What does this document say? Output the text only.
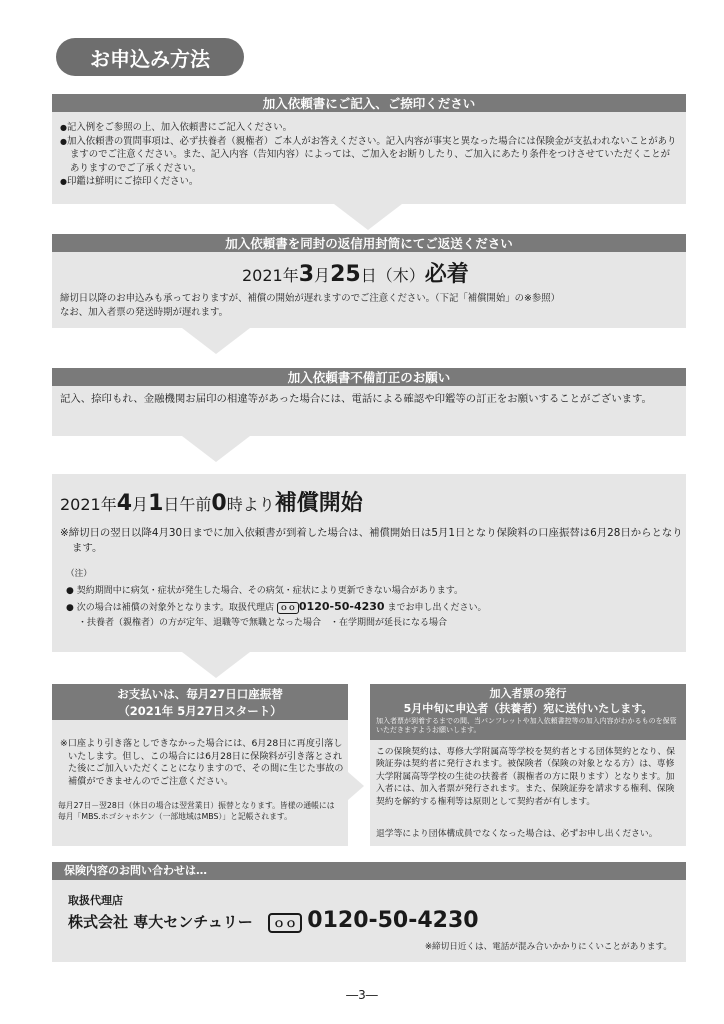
お申込み方法
加入依頼書にご記入、ご捺印ください
● 記入例をご参照の上、加入依頼書にご記入ください。
● 加入依頼書の質問事項は、必ず扶養者（親権者）ご本人がお答えください。記入内容が事実と異なった場合には保険金が支払われないことがありますのでご注意ください。また、記入内容（告知内容）によっては、ご加入をお断りしたり、ご加入にあたり条件をつけさせていただくことがありますのでご了承ください。
● 印鑑は鮮明にご捺印ください。
加入依頼書を同封の返信用封筒にてご返送ください
2021年3月25日（木）必着
締切日以降のお申込みも承っておりますが、補償の開始が遅れますのでご注意ください。（下記「補償開始」の※参照）
なお、加入者票の発送時期が遅れます。
加入依頼書不備訂正のお願い
記入、捺印もれ、金融機関お届印の相違等があった場合には、電話による確認や印鑑等の訂正をお願いすることがございます。
2021年4月1日午前0時より補償開始
※締切日の翌日以降4月30日までに加入依頼書が到着した場合は、補償開始日は5月1日となり保険料の口座振替は6月28日からとなります。
（注）
● 契約期間中に病気・症状が発生した場合、その病気・症状により更新できない場合があります。
● 次の場合は補償の対象外となります。取扱代理店 ｏｏ 0120-50-4230 までお申し出ください。
・扶養者（親権者）の方が定年、退職等で無職となった場合　 ・在学期間が延長になる場合
お支払いは、毎月27日口座振替
（2021年 5月27日スタート）
※口座より引き落としできなかった場合には、6月28日に再度引落しいたします。但し、この場合には6月28日に保険料が引き落とされた後にご加入いただくことになりますので、その間に生じた事故の補償ができませんのでご注意ください。
毎月27日－翌28日（休日の場合は翌営業日）振替となります。皆様の通帳には毎月「MBS.ホゴシャホケン（一部地域はMBS）」と記帳されます。
加入者票の発行
5月中旬に申込者（扶養者）宛に送付いたします。
加入者票が到着するまでの間、当パンフレットや加入依頼書控等の加入内容がわかるものを保管いただきますようお願いします。
この保険契約は、専修大学附属高等学校を契約者とする団体契約となり、保険証券は契約者に発行されます。被保険者（保険の対象となる方）は、専修大学附属高等学校の生徒の扶養者（親権者の方に限ります）となります。加入者には、加入者票が発行されます。また、保険証券を請求する権利、保険契約を解約する権利等は原則として契約者が有します。
退学等により団体構成員でなくなった場合は、必ずお申し出ください。
保険内容のお問い合わせは…
取扱代理店
株式会社 専大センチュリー ｏｏ 0120-50-4230
※締切日近くは、電話が混み合いかかりにくいことがあります。
―3―
